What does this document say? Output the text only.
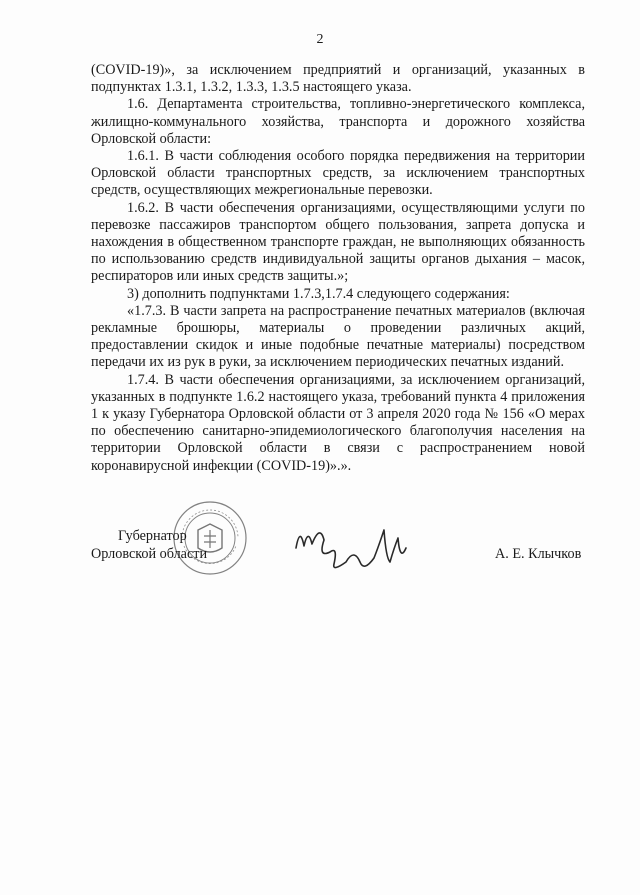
2

(COVID-19)», за исключением предприятий и организаций, указанных в подпунктах 1.3.1, 1.3.2, 1.3.3, 1.3.5 настоящего указа.

1.6. Департамента строительства, топливно-энергетического комплекса, жилищно-коммунального хозяйства, транспорта и дорожного хозяйства Орловской области:

1.6.1. В части соблюдения особого порядка передвижения на территории Орловской области транспортных средств, за исключением транспортных средств, осуществляющих межрегиональные перевозки.

1.6.2. В части обеспечения организациями, осуществляющими услуги по перевозке пассажиров транспортом общего пользования, запрета допуска и нахождения в общественном транспорте граждан, не выполняющих обязанность по использованию средств индивидуальной защиты органов дыхания – масок, респираторов или иных средств защиты.»;

3) дополнить подпунктами 1.7.3,1.7.4 следующего содержания:

«1.7.3. В части запрета на распространение печатных материалов (включая рекламные брошюры, материалы о проведении различных акций, предоставлении скидок и иные подобные печатные материалы) посредством передачи их из рук в руки, за исключением периодических печатных изданий.

1.7.4. В части обеспечения организациями, за исключением организаций, указанных в подпункте 1.6.2 настоящего указа, требований пункта 4 приложения 1 к указу Губернатора Орловской области от 3 апреля 2020 года № 156 «О мерах по обеспечению санитарно-эпидемиологического благополучия населения на территории Орловской области в связи с распространением новой коронавирусной инфекции (COVID-19)».».

Губернатор
Орловской области	А. Е. Клычков
